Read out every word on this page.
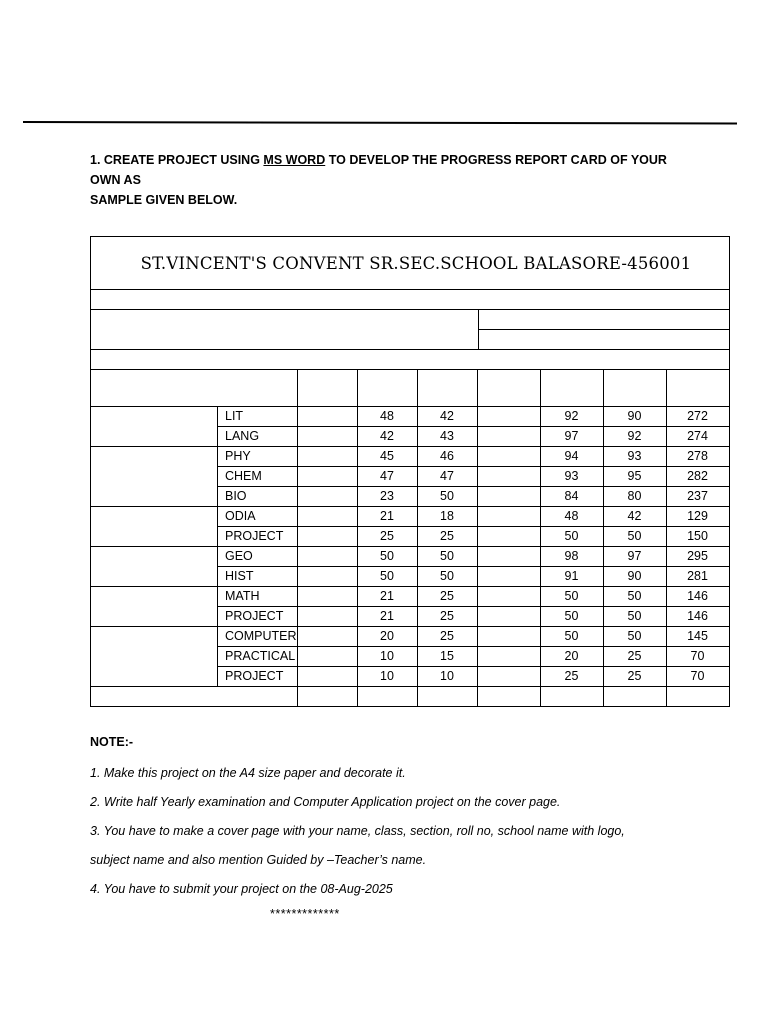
1. CREATE PROJECT USING MS WORD TO DEVELOP THE PROGRESS REPORT CARD OF YOUR OWN AS
SAMPLE GIVEN BELOW.
ST.VINCENT'S CONVENT SR.SEC.SCHOOL BALASORE-456001
LIT	48	42	92	90	272
LANG	42	43	97	92	274
PHY	45	46	94	93	278
CHEM	47	47	93	95	282
BIO	23	50	84	80	237
ODIA	21	18	48	42	129
PROJECT	25	25	50	50	150
GEO	50	50	98	97	295
HIST	50	50	91	90	281
MATH	21	25	50	50	146
PROJECT	21	25	50	50	146
COMPUTER	20	25	50	50	145
PRACTICAL	10	15	20	25	70
PROJECT	10	10	25	25	70
NOTE:-
1. Make this project on the A4 size paper and decorate it.
2. Write half Yearly examination and Computer Application project on the cover page.
3. You have to make a cover page with your name, class, section, roll no, school name with logo,
subject name and also mention Guided by –Teacher’s name.
4. You have to submit your project on the 08-Aug-2025
*************
